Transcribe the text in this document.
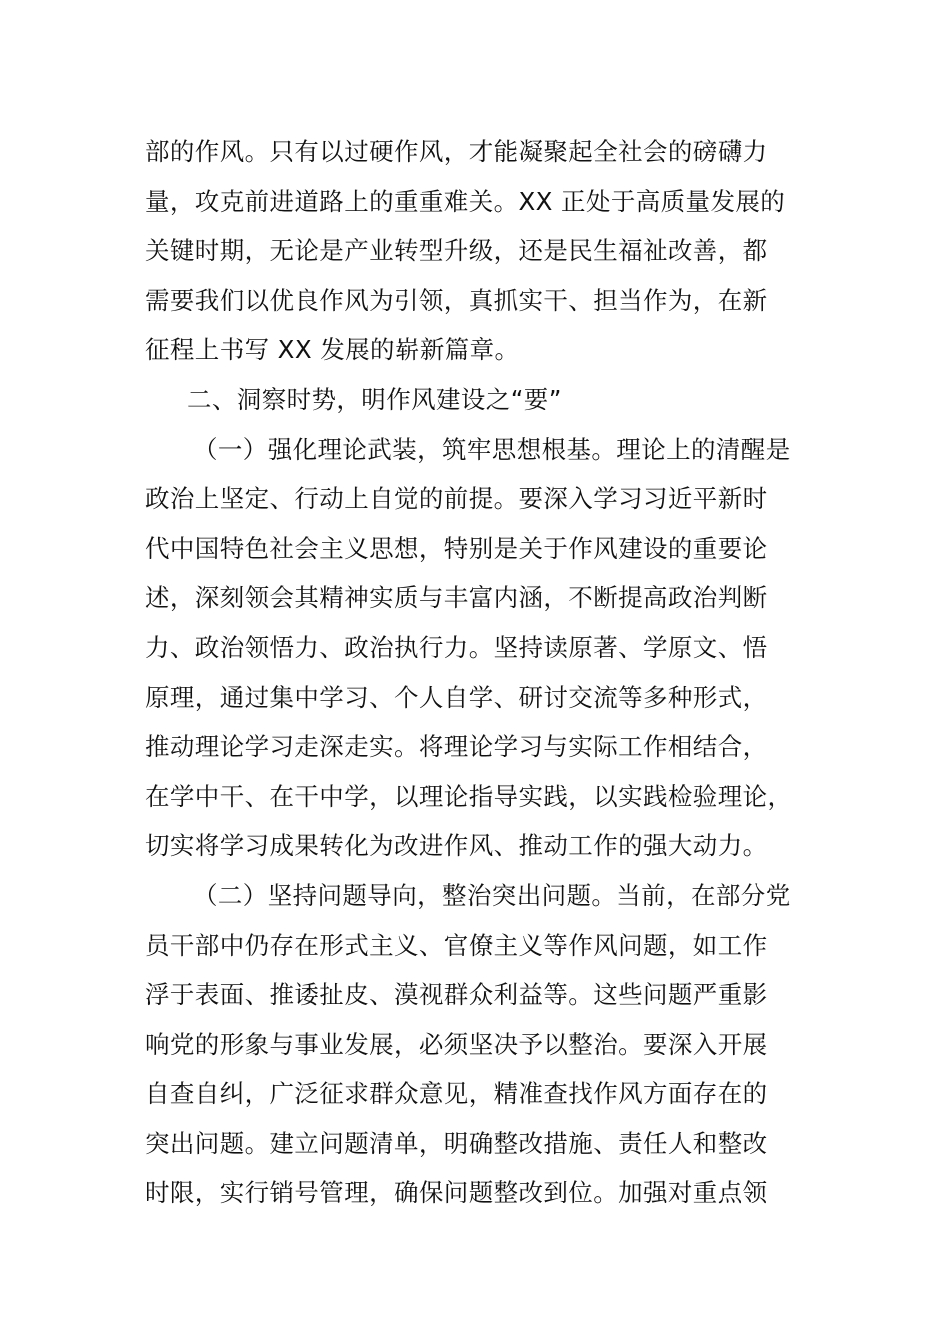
部的作风。只有以过硬作风，才能凝聚起全社会的磅礴力
量，攻克前进道路上的重重难关。XX 正处于高质量发展的
关键时期，无论是产业转型升级，还是民生福祉改善，都
需要我们以优良作风为引领，真抓实干、担当作为，在新
征程上书写 XX 发展的崭新篇章。
二、洞察时势，明作风建设之“要”
（一）强化理论武装，筑牢思想根基。理论上的清醒是
政治上坚定、行动上自觉的前提。要深入学习习近平新时
代中国特色社会主义思想，特别是关于作风建设的重要论
述，深刻领会其精神实质与丰富内涵，不断提高政治判断
力、政治领悟力、政治执行力。坚持读原著、学原文、悟
原理，通过集中学习、个人自学、研讨交流等多种形式，
推动理论学习走深走实。将理论学习与实际工作相结合，
在学中干、在干中学，以理论指导实践，以实践检验理论，
切实将学习成果转化为改进作风、推动工作的强大动力。
（二）坚持问题导向，整治突出问题。当前，在部分党
员干部中仍存在形式主义、官僚主义等作风问题，如工作
浮于表面、推诿扯皮、漠视群众利益等。这些问题严重影
响党的形象与事业发展，必须坚决予以整治。要深入开展
自查自纠，广泛征求群众意见，精准查找作风方面存在的
突出问题。建立问题清单，明确整改措施、责任人和整改
时限，实行销号管理，确保问题整改到位。加强对重点领
